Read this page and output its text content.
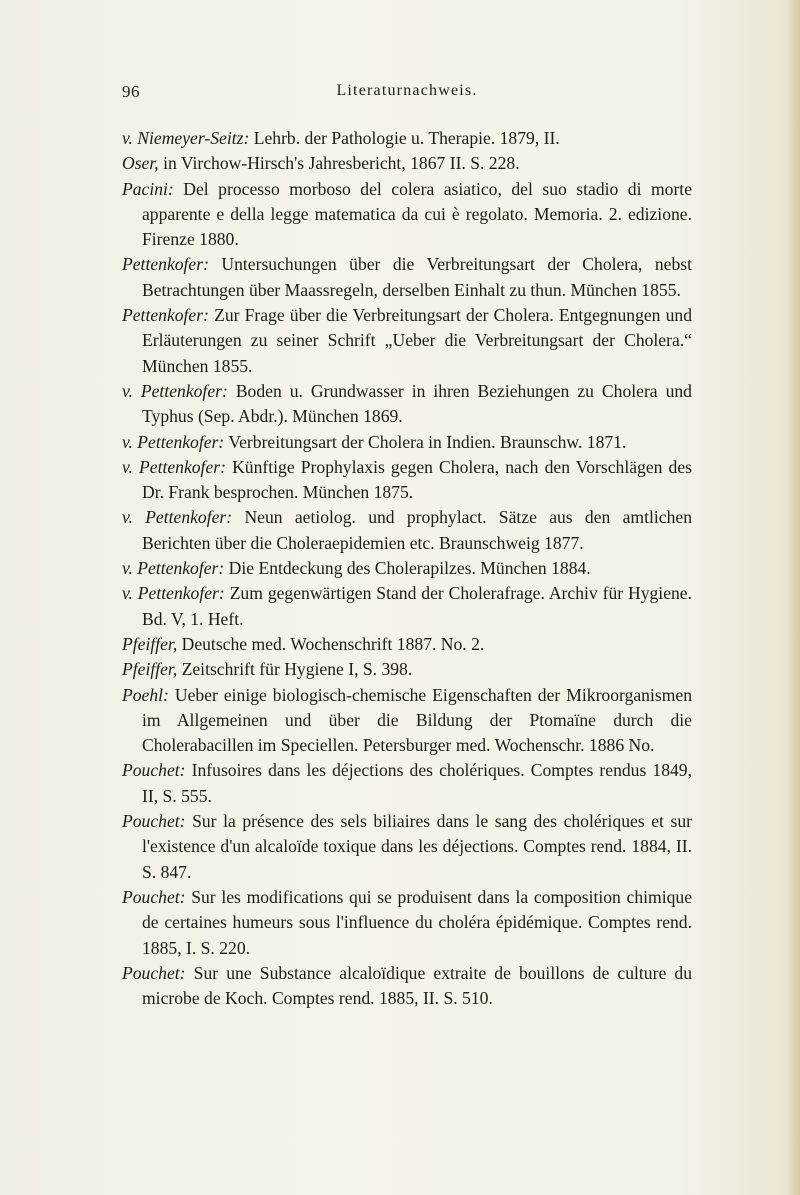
96	Literaturnachweis.
v. Niemeyer-Seitz: Lehrb. der Pathologie u. Therapie. 1879, II.
Oser, in Virchow-Hirsch's Jahresbericht, 1867 II. S. 228.
Pacini: Del processo morboso del colera asiatico, del suo stadio di morte apparente e della legge matematica da cui è regolato. Memoria. 2. edizione. Firenze 1880.
Pettenkofer: Untersuchungen über die Verbreitungsart der Cholera, nebst Betrachtungen über Maassregeln, derselben Einhalt zu thun. München 1855.
Pettenkofer: Zur Frage über die Verbreitungsart der Cholera. Entgegnungen und Erläuterungen zu seiner Schrift „Ueber die Verbreitungsart der Cholera.“ München 1855.
v. Pettenkofer: Boden u. Grundwasser in ihren Beziehungen zu Cholera und Typhus (Sep. Abdr.). München 1869.
v. Pettenkofer: Verbreitungsart der Cholera in Indien. Braunschw. 1871.
v. Pettenkofer: Künftige Prophylaxis gegen Cholera, nach den Vorschlägen des Dr. Frank besprochen. München 1875.
v. Pettenkofer: Neun aetiolog. und prophylact. Sätze aus den amtlichen Berichten über die Choleraepidemien etc. Braunschweig 1877.
v. Pettenkofer: Die Entdeckung des Cholerapilzes. München 1884.
v. Pettenkofer: Zum gegenwärtigen Stand der Cholerafrage. Archiv für Hygiene. Bd. V, 1. Heft.
Pfeiffer, Deutsche med. Wochenschrift 1887. No. 2.
Pfeiffer, Zeitschrift für Hygiene I, S. 398.
Poehl: Ueber einige biologisch-chemische Eigenschaften der Mikroorganismen im Allgemeinen und über die Bildung der Ptomaïne durch die Cholerabacillen im Speciellen. Petersburger med. Wochenschr. 1886 No.
Pouchet: Infusoires dans les déjections des cholériques. Comptes rendus 1849, II, S. 555.
Pouchet: Sur la présence des sels biliaires dans le sang des cholériques et sur l'existence d'un alcaloïde toxique dans les déjections. Comptes rend. 1884, II. S. 847.
Pouchet: Sur les modifications qui se produisent dans la composition chimique de certaines humeurs sous l'influence du choléra épidémique. Comptes rend. 1885, I. S. 220.
Pouchet: Sur une Substance alcaloïdique extraite de bouillons de culture du microbe de Koch. Comptes rend. 1885, II. S. 510.
